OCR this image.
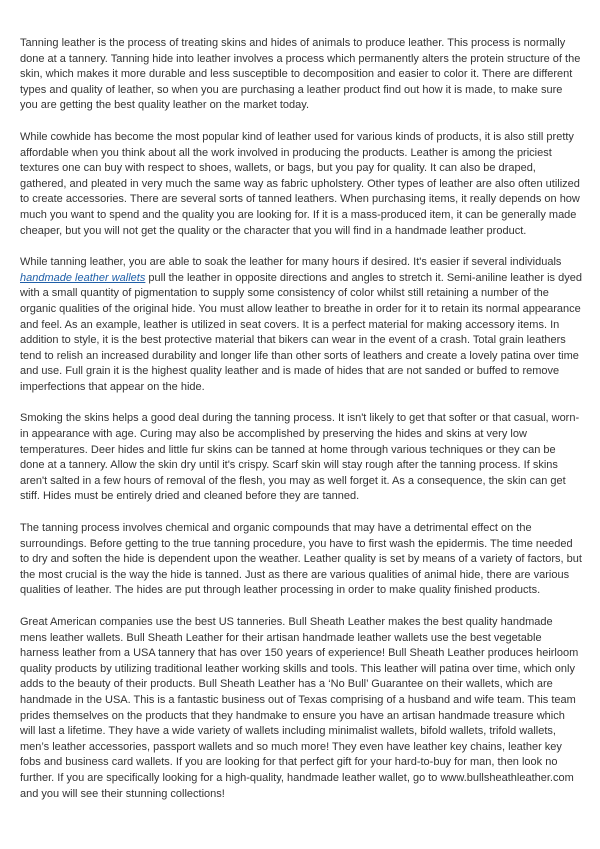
Tanning leather is the process of treating skins and hides of animals to produce leather. This process is normally done at a tannery. Tanning hide into leather involves a process which permanently alters the protein structure of the skin, which makes it more durable and less susceptible to decomposition and easier to color it. There are different types and quality of leather, so when you are purchasing a leather product find out how it is made, to make sure you are getting the best quality leather on the market today.

While cowhide has become the most popular kind of leather used for various kinds of products, it is also still pretty affordable when you think about all the work involved in producing the products. Leather is among the priciest textures one can buy with respect to shoes, wallets, or bags, but you pay for quality. It can also be draped, gathered, and pleated in very much the same way as fabric upholstery. Other types of leather are also often utilized to create accessories. There are several sorts of tanned leathers. When purchasing items, it really depends on how much you want to spend and the quality you are looking for. If it is a mass-produced item, it can be generally made cheaper, but you will not get the quality or the character that you will find in a handmade leather product.

While tanning leather, you are able to soak the leather for many hours if desired. It's easier if several individuals handmade leather wallets pull the leather in opposite directions and angles to stretch it. Semi-aniline leather is dyed with a small quantity of pigmentation to supply some consistency of color whilst still retaining a number of the organic qualities of the original hide. You must allow leather to breathe in order for it to retain its normal appearance and feel. As an example, leather is utilized in seat covers. It is a perfect material for making accessory items. In addition to style, it is the best protective material that bikers can wear in the event of a crash. Total grain leathers tend to relish an increased durability and longer life than other sorts of leathers and create a lovely patina over time and use. Full grain it is the highest quality leather and is made of hides that are not sanded or buffed to remove imperfections that appear on the hide.

Smoking the skins helps a good deal during the tanning process. It isn't likely to get that softer or that casual, worn-in appearance with age. Curing may also be accomplished by preserving the hides and skins at very low temperatures. Deer hides and little fur skins can be tanned at home through various techniques or they can be done at a tannery. Allow the skin dry until it's crispy. Scarf skin will stay rough after the tanning process. If skins aren't salted in a few hours of removal of the flesh, you may as well forget it. As a consequence, the skin can get stiff. Hides must be entirely dried and cleaned before they are tanned.

The tanning process involves chemical and organic compounds that may have a detrimental effect on the surroundings. Before getting to the true tanning procedure, you have to first wash the epidermis. The time needed to dry and soften the hide is dependent upon the weather. Leather quality is set by means of a variety of factors, but the most crucial is the way the hide is tanned. Just as there are various qualities of animal hide, there are various qualities of leather. The hides are put through leather processing in order to make quality finished products.

Great American companies use the best US tanneries. Bull Sheath Leather makes the best quality handmade mens leather wallets. Bull Sheath Leather for their artisan handmade leather wallets use the best vegetable harness leather from a USA tannery that has over 150 years of experience! Bull Sheath Leather produces heirloom quality products by utilizing traditional leather working skills and tools. This leather will patina over time, which only adds to the beauty of their products. Bull Sheath Leather has a ‘No Bull’ Guarantee on their wallets, which are handmade in the USA. This is a fantastic business out of Texas comprising of a husband and wife team. This team prides themselves on the products that they handmake to ensure you have an artisan handmade treasure which will last a lifetime. They have a wide variety of wallets including minimalist wallets, bifold wallets, trifold wallets, men’s leather accessories, passport wallets and so much more! They even have leather key chains, leather key fobs and business card wallets. If you are looking for that perfect gift for your hard-to-buy for man, then look no further. If you are specifically looking for a high-quality, handmade leather wallet, go to www.bullsheathleather.com and you will see their stunning collections!
